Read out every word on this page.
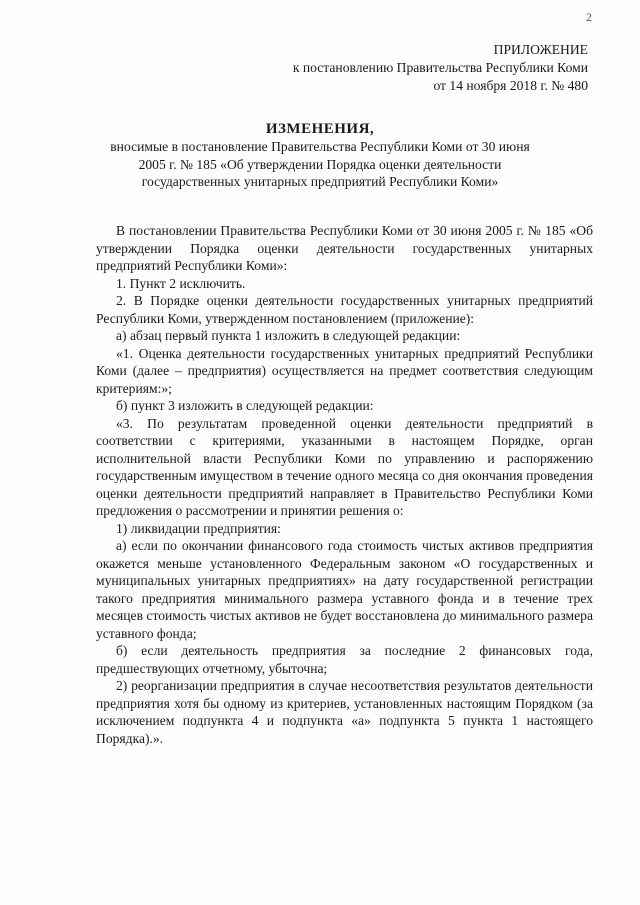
2
ПРИЛОЖЕНИЕ
к постановлению Правительства Республики Коми
от 14 ноября 2018 г. № 480
ИЗМЕНЕНИЯ,
вносимые в постановление Правительства Республики Коми от 30 июня 2005 г. № 185 «Об утверждении Порядка оценки деятельности государственных унитарных предприятий Республики Коми»

В постановлении Правительства Республики Коми от 30 июня 2005 г. № 185 «Об утверждении Порядка оценки деятельности государственных унитарных предприятий Республики Коми»:

1. Пункт 2 исключить.

2. В Порядке оценки деятельности государственных унитарных предприятий Республики Коми, утвержденном постановлением (приложение):

а) абзац первый пункта 1 изложить в следующей редакции:

«1. Оценка деятельности государственных унитарных предприятий Республики Коми (далее – предприятия) осуществляется на предмет соответствия следующим критериям:»;

б) пункт 3 изложить в следующей редакции:

«3. По результатам проведенной оценки деятельности предприятий в соответствии с критериями, указанными в настоящем Порядке, орган исполнительной власти Республики Коми по управлению и распоряжению государственным имуществом в течение одного месяца со дня окончания проведения оценки деятельности предприятий направляет в Правительство Республики Коми предложения о рассмотрении и принятии решения о:

1) ликвидации предприятия:

а) если по окончании финансового года стоимость чистых активов предприятия окажется меньше установленного Федеральным законом «О государственных и муниципальных унитарных предприятиях» на дату государственной регистрации такого предприятия минимального размера уставного фонда и в течение трех месяцев стоимость чистых активов не будет восстановлена до минимального размера уставного фонда;

б) если деятельность предприятия за последние 2 финансовых года, предшествующих отчетному, убыточна;

2) реорганизации предприятия в случае несоответствия результатов деятельности предприятия хотя бы одному из критериев, установленных настоящим Порядком (за исключением подпункта 4 и подпункта «а» подпункта 5 пункта 1 настоящего Порядка).».
